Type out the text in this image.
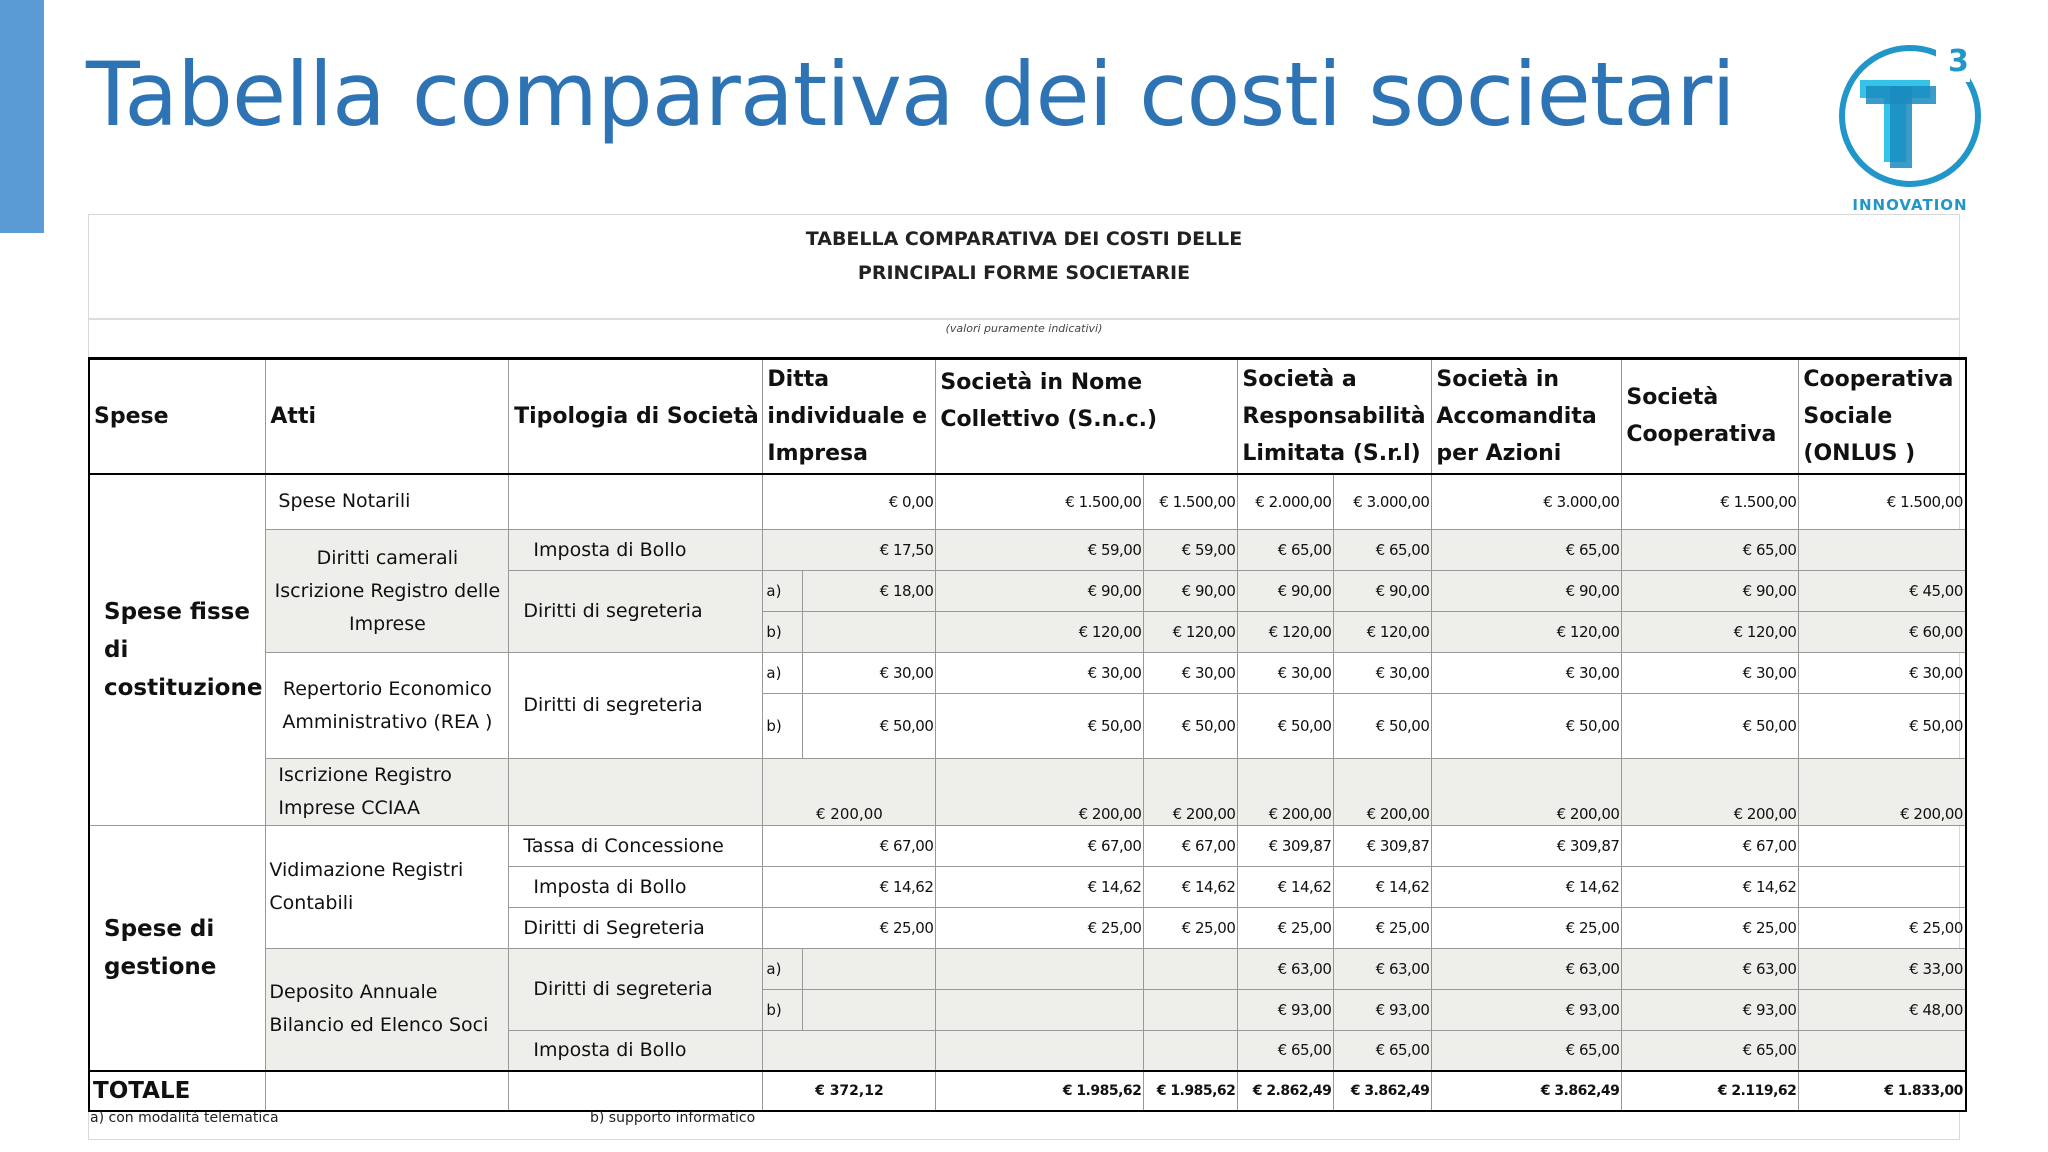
Tabella comparativa dei costi societari	3
INNOVATION
TABELLA COMPARATIVA DEI COSTI DELLE
PRINCIPALI FORME SOCIETARIE
(valori puramente indicativi)
Spese	Atti	Tipologia di Società	Ditta individuale e Impresa		Società in Nome Collettivo (S.n.c.)		Società a Responsabilità Limitata (S.r.l)		Società in Accomandita per Azioni	Società Cooperativa	Cooperativa Sociale (ONLUS )
Spese fisse di costituzione	Spese Notarili		€ 0,00		€ 1.500,00	€ 1.500,00	€ 2.000,00	€ 3.000,00	€ 3.000,00	€ 1.500,00	€ 1.500,00
	Diritti camerali Iscrizione Registro delle Imprese	Imposta di Bollo	€ 17,50		€ 59,00	€ 59,00	€ 65,00	€ 65,00	€ 65,00	€ 65,00	
		Diritti di segreteria	a)	€ 18,00	€ 90,00	€ 90,00	€ 90,00	€ 90,00	€ 90,00	€ 90,00	€ 45,00
			b)		€ 120,00	€ 120,00	€ 120,00	€ 120,00	€ 120,00	€ 120,00	€ 60,00
	Repertorio Economico Amministrativo (REA )	Diritti di segreteria	a)	€ 30,00	€ 30,00	€ 30,00	€ 30,00	€ 30,00	€ 30,00	€ 30,00	€ 30,00
			b)	€ 50,00	€ 50,00	€ 50,00	€ 50,00	€ 50,00	€ 50,00	€ 50,00	€ 50,00
	Iscrizione Registro Imprese CCIAA		€ 200,00		€ 200,00	€ 200,00	€ 200,00	€ 200,00	€ 200,00	€ 200,00	€ 200,00

Spese di gestione	Vidimazione Registri Contabili	Tassa di Concessione	€ 67,00		€ 67,00	€ 67,00	€ 309,87	€ 309,87	€ 309,87	€ 67,00	
		Imposta di Bollo	€ 14,62		€ 14,62	€ 14,62	€ 14,62	€ 14,62	€ 14,62	€ 14,62	
		Diritti di Segreteria	€ 25,00		€ 25,00	€ 25,00	€ 25,00	€ 25,00	€ 25,00	€ 25,00	€ 25,00
	Deposito Annuale Bilancio ed Elenco Soci	Diritti di segreteria	a)				€ 63,00	€ 63,00	€ 63,00	€ 63,00	€ 33,00
			b)				€ 93,00	€ 93,00	€ 93,00	€ 93,00	€ 48,00
		Imposta di Bollo					€ 65,00	€ 65,00	€ 65,00	€ 65,00	
TOTALE			€ 372,12		€ 1.985,62	€ 1.985,62	€ 2.862,49	€ 3.862,49	€ 3.862,49	€ 2.119,62	€ 1.833,00
a) con modalità telematica	b) supporto informatico
